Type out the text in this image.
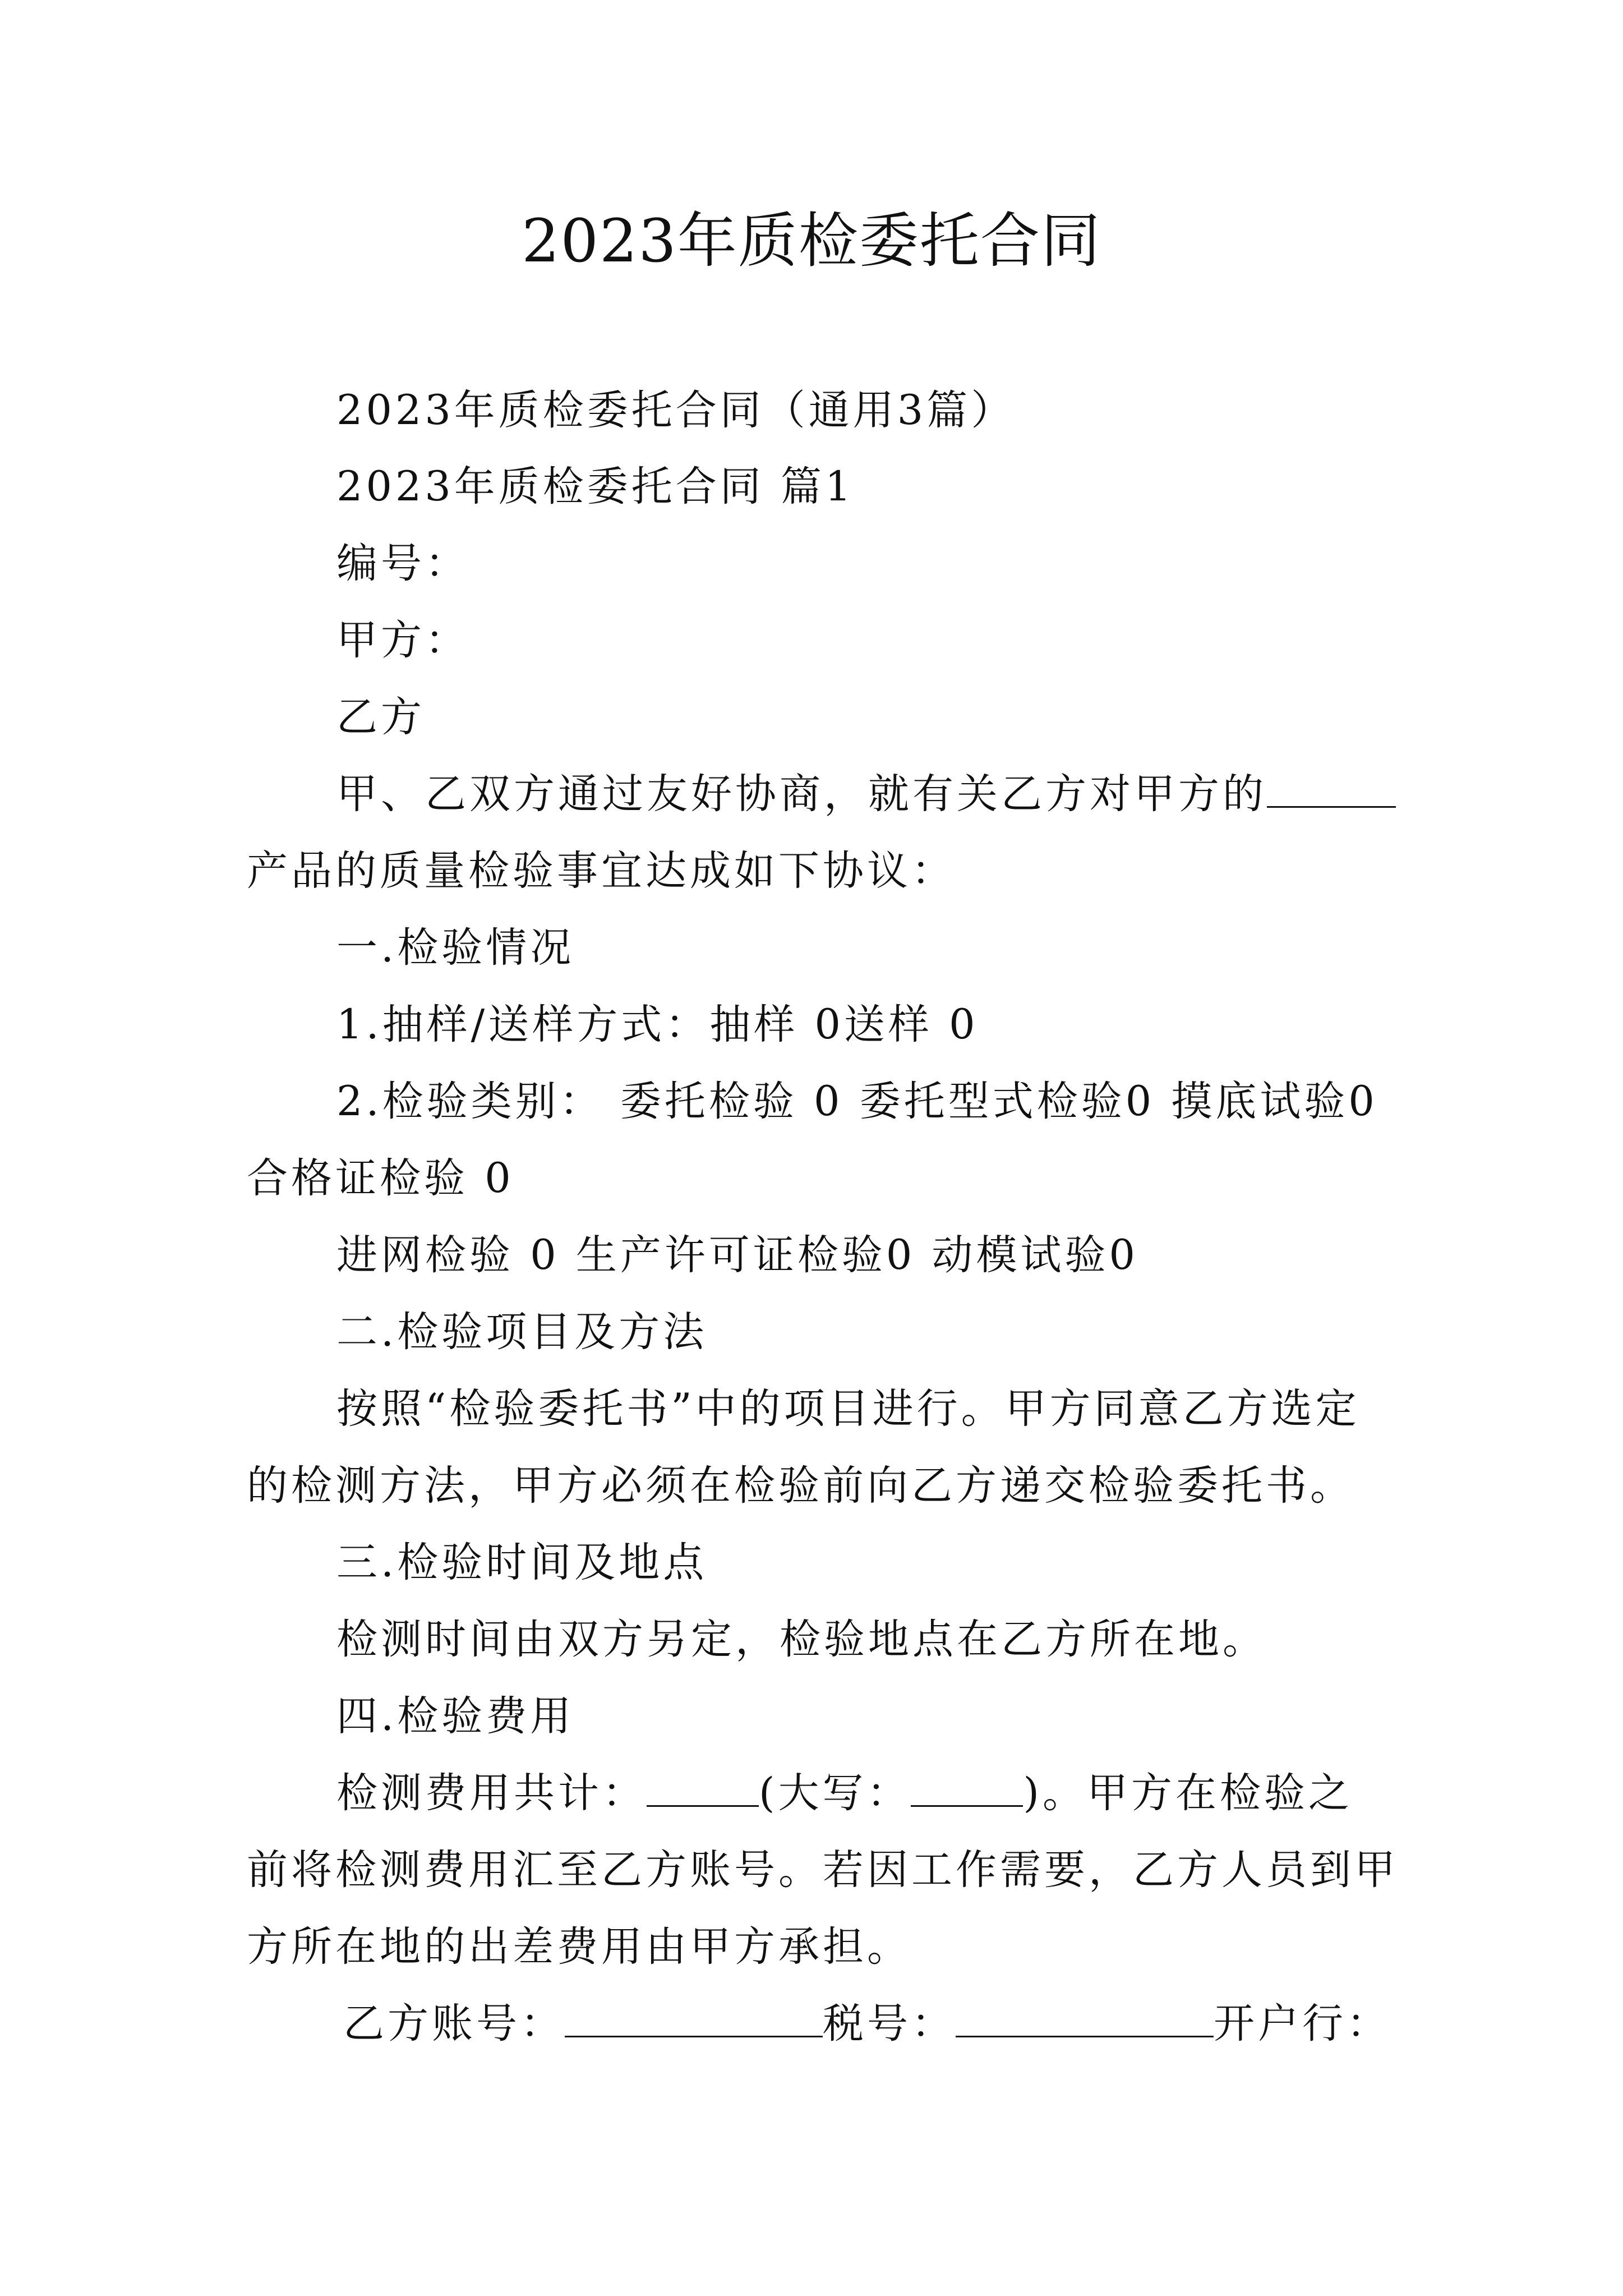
2023年质检委托合同
2023年质检委托合同（通用3篇）
2023年质检委托合同 篇1
编号：
甲方：
乙方
甲、乙双方通过友好协商，就有关乙方对甲方的
产品的质量检验事宜达成如下协议：
一.检验情况
1.抽样/送样方式：抽样 0送样 0
2.检验类别： 委托检验 0 委托型式检验0 摸底试验0
合格证检验 0
进网检验 0 生产许可证检验0 动模试验0
二.检验项目及方法
按照“检验委托书”中的项目进行。甲方同意乙方选定
的检测方法，甲方必须在检验前向乙方递交检验委托书。
三.检验时间及地点
检测时间由双方另定，检验地点在乙方所在地。
四.检验费用
检测费用共计：	(大写：	)。甲方在检验之
前将检测费用汇至乙方账号。若因工作需要，乙方人员到甲
方所在地的出差费用由甲方承担。
乙方账号：	税号：	开户行：
